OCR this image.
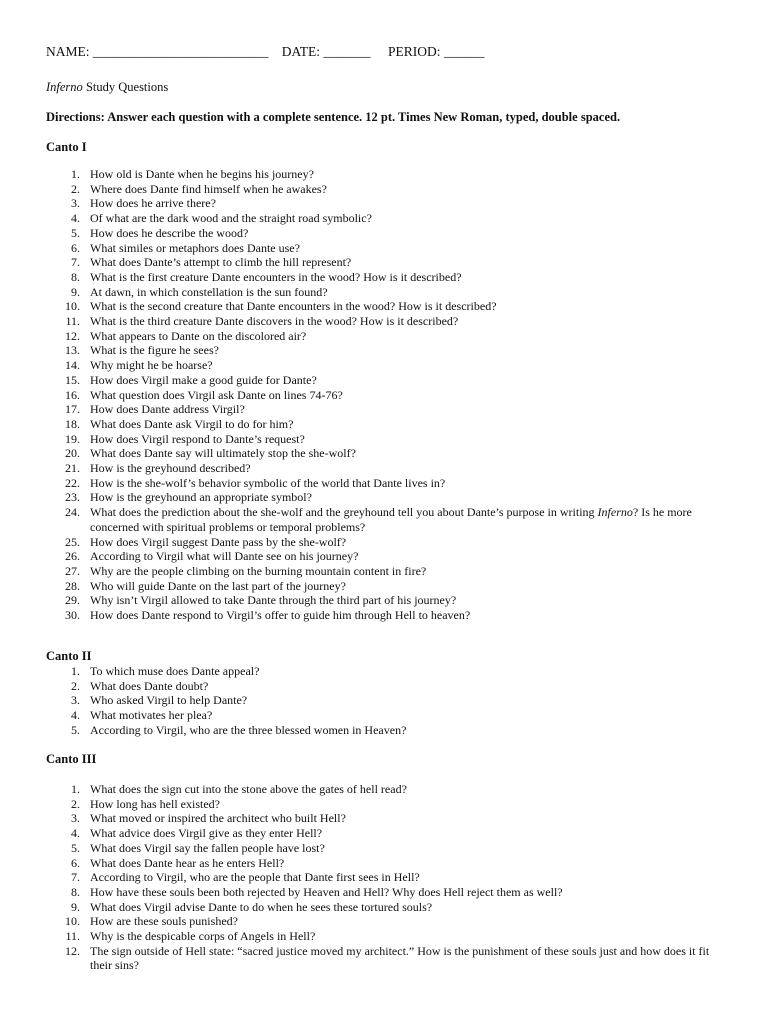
NAME: __________________________ DATE: _______ PERIOD: ______
Inferno Study Questions
Directions: Answer each question with a complete sentence. 12 pt. Times New Roman, typed, double spaced.
Canto I
1. How old is Dante when he begins his journey?
2. Where does Dante find himself when he awakes?
3. How does he arrive there?
4. Of what are the dark wood and the straight road symbolic?
5. How does he describe the wood?
6. What similes or metaphors does Dante use?
7. What does Dante’s attempt to climb the hill represent?
8. What is the first creature Dante encounters in the wood? How is it described?
9. At dawn, in which constellation is the sun found?
10. What is the second creature that Dante encounters in the wood? How is it described?
11. What is the third creature Dante discovers in the wood? How is it described?
12. What appears to Dante on the discolored air?
13. What is the figure he sees?
14. Why might he be hoarse?
15. How does Virgil make a good guide for Dante?
16. What question does Virgil ask Dante on lines 74-76?
17. How does Dante address Virgil?
18. What does Dante ask Virgil to do for him?
19. How does Virgil respond to Dante’s request?
20. What does Dante say will ultimately stop the she-wolf?
21. How is the greyhound described?
22. How is the she-wolf’s behavior symbolic of the world that Dante lives in?
23. How is the greyhound an appropriate symbol?
24. What does the prediction about the she-wolf and the greyhound tell you about Dante’s purpose in writing Inferno? Is he more concerned with spiritual problems or temporal problems?
25. How does Virgil suggest Dante pass by the she-wolf?
26. According to Virgil what will Dante see on his journey?
27. Why are the people climbing on the burning mountain content in fire?
28. Who will guide Dante on the last part of the journey?
29. Why isn’t Virgil allowed to take Dante through the third part of his journey?
30. How does Dante respond to Virgil’s offer to guide him through Hell to heaven?
Canto II
1. To which muse does Dante appeal?
2. What does Dante doubt?
3. Who asked Virgil to help Dante?
4. What motivates her plea?
5. According to Virgil, who are the three blessed women in Heaven?
Canto III
1. What does the sign cut into the stone above the gates of hell read?
2. How long has hell existed?
3. What moved or inspired the architect who built Hell?
4. What advice does Virgil give as they enter Hell?
5. What does Virgil say the fallen people have lost?
6. What does Dante hear as he enters Hell?
7. According to Virgil, who are the people that Dante first sees in Hell?
8. How have these souls been both rejected by Heaven and Hell? Why does Hell reject them as well?
9. What does Virgil advise Dante to do when he sees these tortured souls?
10. How are these souls punished?
11. Why is the despicable corps of Angels in Hell?
12. The sign outside of Hell state: “sacred justice moved my architect.” How is the punishment of these souls just and how does it fit their sins?
